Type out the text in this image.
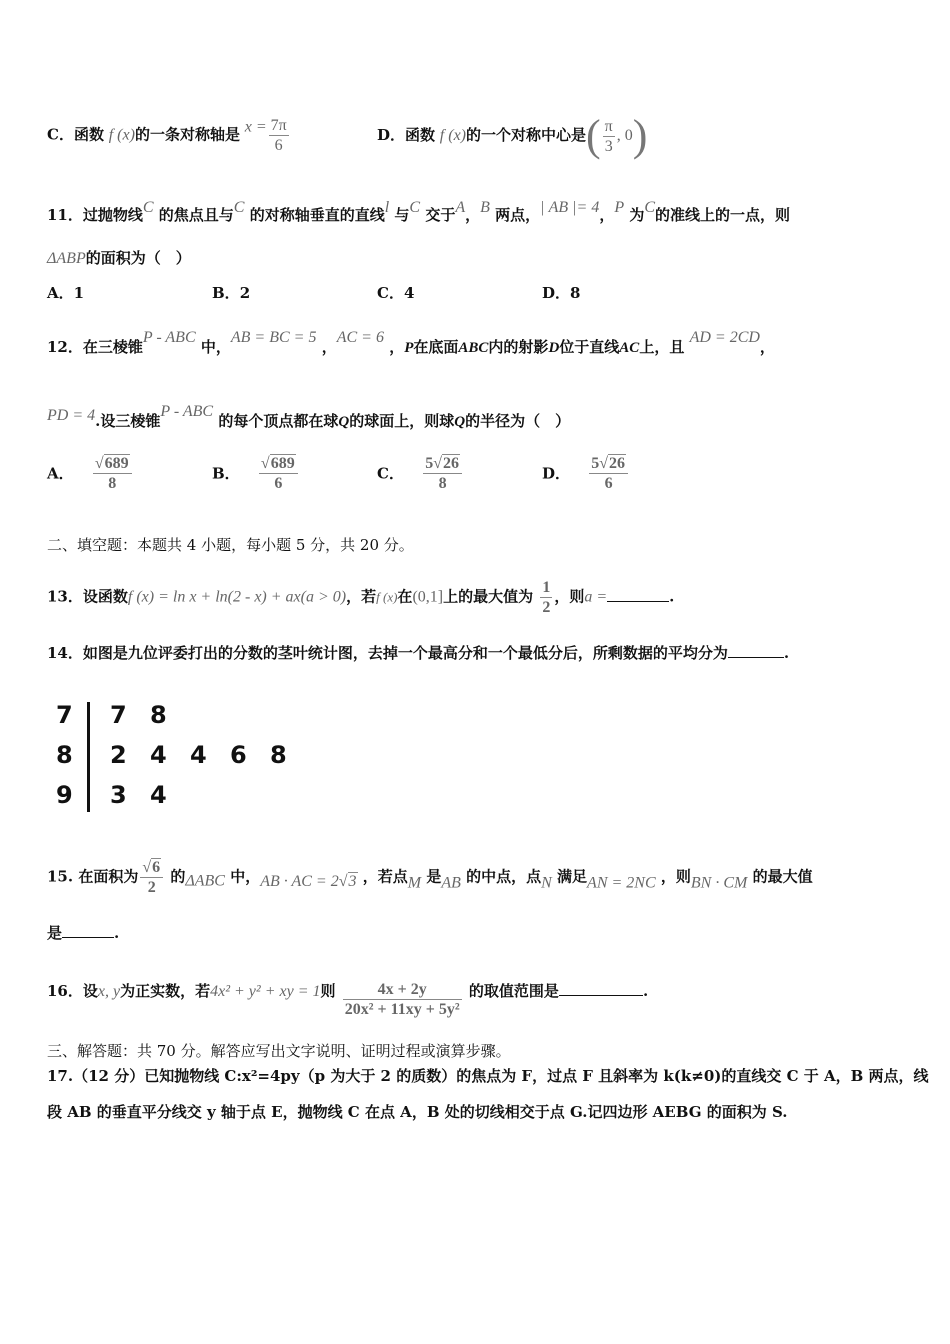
C．函数 f (x)的一条对称轴是 $x = \frac{7\pi}{6}$	D．函数 f (x)的一个对称中心是( $\frac{\pi}{3}$ , 0)
11．过抛物线C 的焦点且与C 的对称轴垂直的直线l 与C 交于A，B 两点，| AB |= 4，P 为C的准线上的一点，则
ΔABP的面积为（　）
A．1	B．2	C．4	D．8
12．在三棱锥P - ABC 中，AB = BC = 5 ，AC = 6 ，P在底面ABC内的射影D位于直线AC上，且 AD = 2CD，
PD = 4.设三棱锥P - ABC 的每个顶点都在球Q的球面上，则球Q的半径为（　）
A． $\frac{√689}{8}$	B． $\frac{√689}{6}$	C． $\frac{5√26}{8}$	D． $\frac{5√26}{6}$
二、填空题：本题共 4 小题，每小题 5 分，共 20 分。
13．设函数f (x) = ln x + ln(2 - x) + ax(a > 0)，若f (x)在(0,1]上的最大值为 $\frac{1}{2}$ ，则a =	.
14．如图是九位评委打出的分数的茎叶统计图，去掉一个最高分和一个最低分后，所剩数据的平均分为	.
7 7 8
8 2 4 4 6 8
9 3 4
15. 在面积为 $\frac{√6}{2}$ 的ΔABC 中，AB · AC = 2√3 ，若点M 是AB 的中点，点N 满足AN = 2NC ，则BN · CM 的最大值
是	.
16．设x, y为正实数，若4x² + y² + xy = 1则 $\frac{4x + 2y}{\text{20x² + 11xy + 5y²}}$ 的取值范围是	.
三、解答题：共 70 分。解答应写出文字说明、证明过程或演算步骤。
17.（12 分）已知抛物线 C:x²=4py（p 为大于 2 的质数）的焦点为 F，过点 F 且斜率为 k(k≠0)的直线交 C 于 A，B 两点，线
段 AB 的垂直平分线交 y 轴于点 E，抛物线 C 在点 A，B 处的切线相交于点 G.记四边形 AEBG 的面积为 S.
